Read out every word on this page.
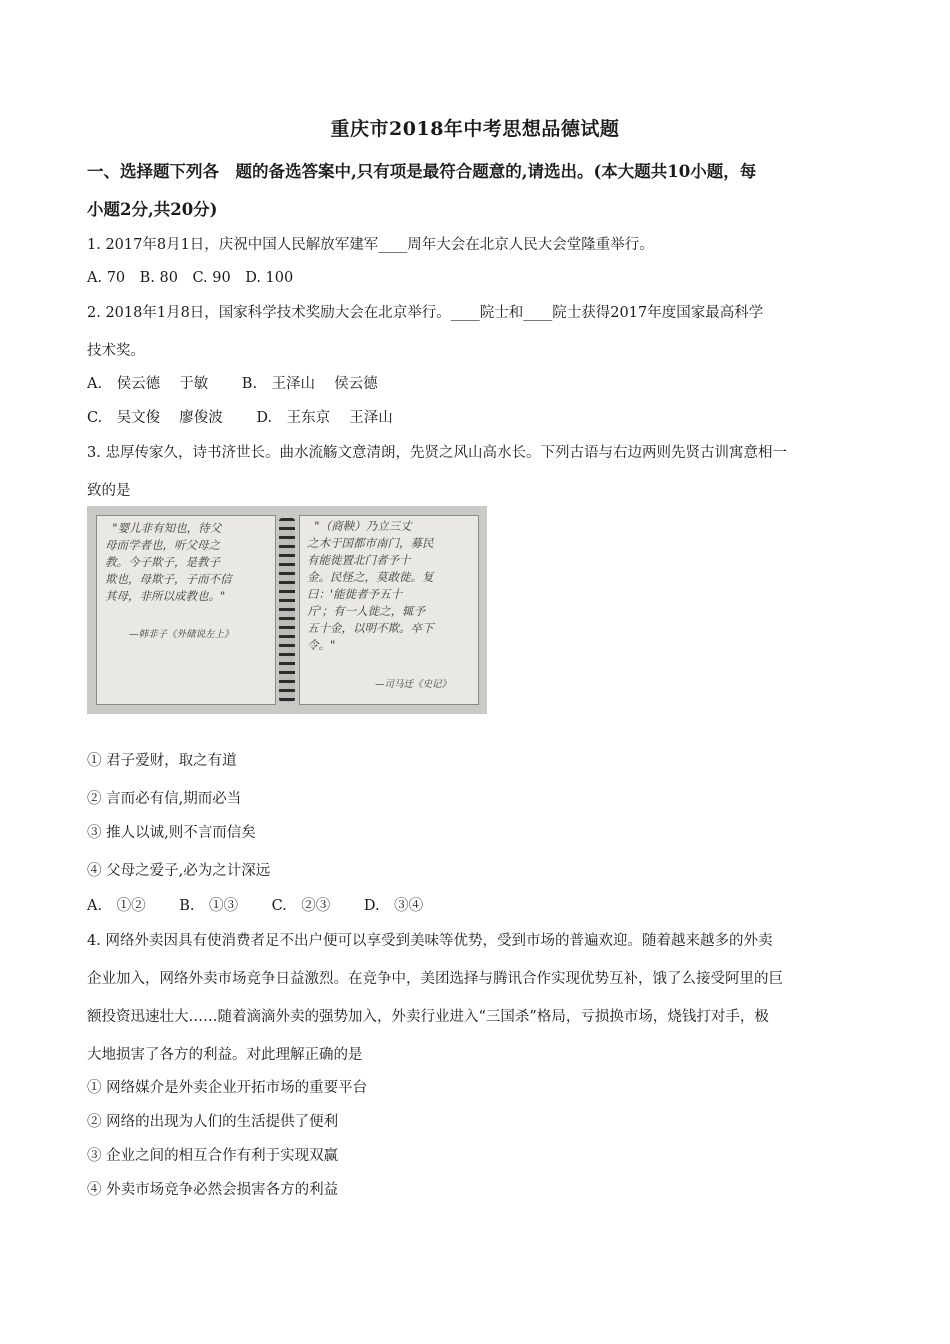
重庆市2018年中考思想品德试题
一、选择题下列各　题的备选答案中,只有项是最符合题意的,请选出。(本大题共10小题，每
小题2分,共20分)
1. 2017年8月1日，庆祝中国人民解放军建军____周年大会在北京人民大会堂隆重举行。
A. 70　B. 80　C. 90　D. 100
2. 2018年1月8日，国家科学技术奖励大会在北京举行。____院士和____院士获得2017年度国家最高科学
技术奖。
A.　侯云德　 于敏　　 B.　王泽山　 侯云德
C.　吴文俊　 廖俊波　　 D.　王东京　 王泽山
3. 忠厚传家久，诗书济世长。曲水流觞文意清朗，先贤之风山高水长。下列古语与右边两则先贤古训寓意相一
致的是
"婴儿非有知也，待父
母而学者也，听父母之
教。今子欺子，是教子
欺也，母欺子，子而不信
其母，非所以成教也。"
—韩非子《外储说左上》
"（商鞅）乃立三丈
之木于国都市南门，募民
有能徙置北门者予十
金。民怪之，莫敢徙。复
曰：'能徙者予五十
斤'；有一人徙之，辄予
五十金，以明不欺。卒下
令。"
—司马迁《史记》
① 君子爱财，取之有道
② 言而必有信,期而必当
③ 推人以诚,则不言而信矣
④ 父母之爱子,必为之计深远
A.　①②　　 B.　①③　　 C.　②③　　 D.　③④
4. 网络外卖因具有使消费者足不出户便可以享受到美味等优势，受到市场的普遍欢迎。随着越来越多的外卖
企业加入，网络外卖市场竞争日益激烈。在竞争中，美团选择与腾讯合作实现优势互补，饿了么接受阿里的巨
额投资迅速壮大……随着滴滴外卖的强势加入，外卖行业进入“三国杀”格局，亏损换市场，烧钱打对手，极
大地损害了各方的利益。对此理解正确的是
① 网络媒介是外卖企业开拓市场的重要平台
② 网络的出现为人们的生活提供了便利
③ 企业之间的相互合作有利于实现双赢
④ 外卖市场竞争必然会损害各方的利益
